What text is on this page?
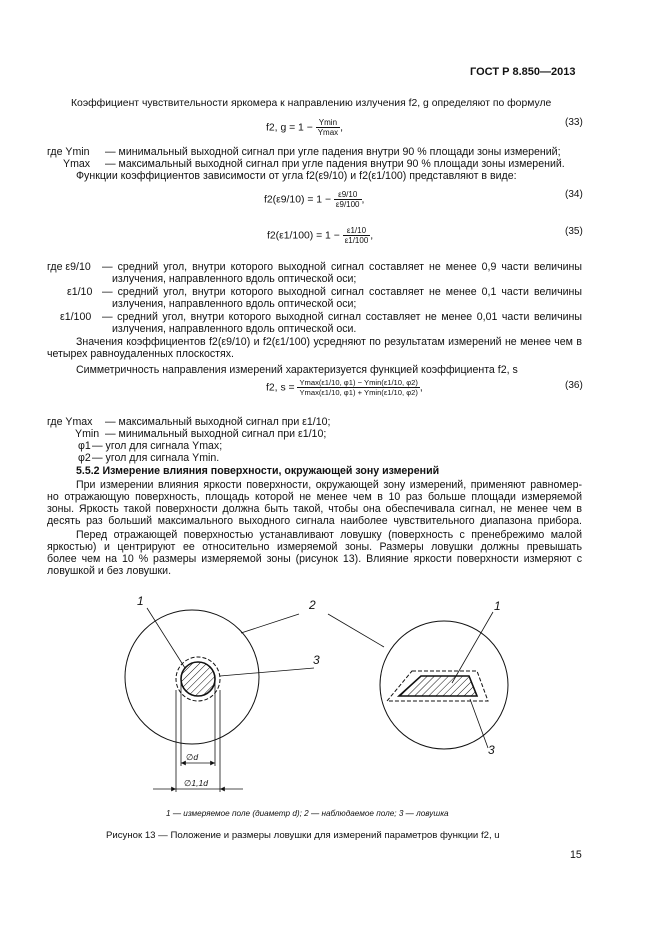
ГОСТ Р 8.850—2013
Коэффициент чувствительности яркомера к направлению излучения f2, g определяют по формуле
f2, $g = 1 - \frac{Ymin}{Ymax}$ ,	(33)
где Ymin — минимальный выходной сигнал при угле падения внутри 90 % площади зоны измерений;
Ymax — максимальный выходной сигнал при угле падения внутри 90 % площади зоны измерений.
Функции коэффициентов зависимости от угла f2(ε9/10) и f2(ε1/100) представляют в виде:
$f2(\varepsilon 9/10) = 1 - \frac{\varepsilon 9/10}{\varepsilon 9/100}$ ,	(34)
$f2(\varepsilon 1/100) = 1 - \frac{\varepsilon 1/10}{\varepsilon 1/100}$ ,	(35)
где ε9/10 — средний угол, внутри которого выходной сигнал составляет не менее 0,9 части величины
излучения, направленного вдоль оптической оси;
ε1/10 — средний угол, внутри которого выходной сигнал составляет не менее 0,1 части величины
излучения, направленного вдоль оптической оси;
ε1/100 — средний угол, внутри которого выходной сигнал составляет не менее 0,01 части величины
излучения, направленного вдоль оптической оси.
Значения коэффициентов f2(ε9/10) и f2(ε1/100) усредняют по результатам измерений не менее чем в
четырех равноудаленных плоскостях.
Симметричность направления измерений характеризуется функцией коэффициента f2, s
f2, $s = \frac{Ymax(\varepsilon 1/10, \varphi 1) - Ymin(\varepsilon 1/10, \varphi 2)}{Ymax(\varepsilon 1/10, \varphi 1) + Ymin(\varepsilon 1/10, \varphi 2)}$ ,	(36)
где Ymax — максимальный выходной сигнал при ε1/10;
Ymin — минимальный выходной сигнал при ε1/10;
φ1 — угол для сигнала Ymax;
φ2 — угол для сигнала Ymin.
5.5.2 Измерение влияния поверхности, окружающей зону измерений
При измерении влияния яркости поверхности, окружающей зону измерений, применяют равномер-
но отражающую поверхность, площадь которой не менее чем в 10 раз больше площади измеряемой
зоны. Яркость такой поверхности должна быть такой, чтобы она обеспечивала сигнал, не менее чем в
десять раз больший максимального выходного сигнала наиболее чувствительного диапазона прибора.
Перед отражающей поверхностью устанавливают ловушку (поверхность с пренебрежимо малой
яркостью) и центрируют ее относительно измеряемой зоны. Размеры ловушки должны превышать
более чем на 10 % размеры измеряемой зоны (рисунок 13). Влияние яркости поверхности измеряют с
ловушкой и без ловушки.
1	2
3
1
3
∅d
∅1,1d
1 — измеряемое поле (диаметр d); 2 — наблюдаемое поле; 3 — ловушка
Рисунок 13 — Положение и размеры ловушки для измерений параметров функции f2, u
15
